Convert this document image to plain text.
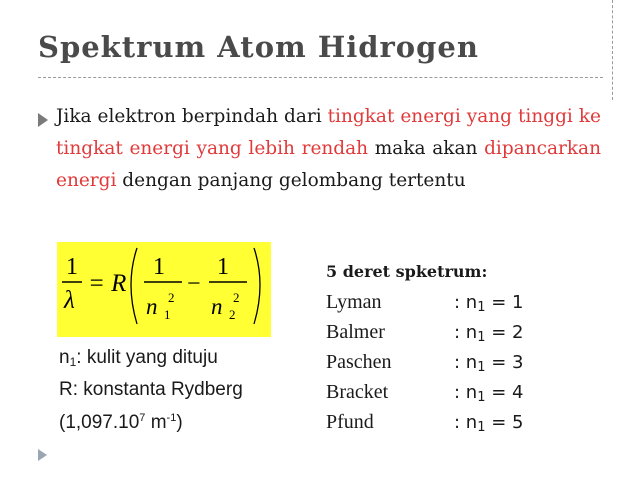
Spektrum Atom Hidrogen
Jika elektron berpindah dari tingkat energi yang tinggi ke tingkat energi yang lebih rendah maka akan dipancarkan energi dengan panjang gelombang tertentu
1
λ
= R
1
n 2
1
−
1
n 2
2
$n_1$: kulit yang dituju
R: konstanta Rydberg
(1,097.10$^7$ $m^{-1}$)
5 deret spketrum:
Lyman	: $n_1 = 1$
Balmer	: $n_1 = 2$
Paschen	: $n_1 = 3$
Bracket	: $n_1 = 4$
Pfund	: $n_1 = 5$
